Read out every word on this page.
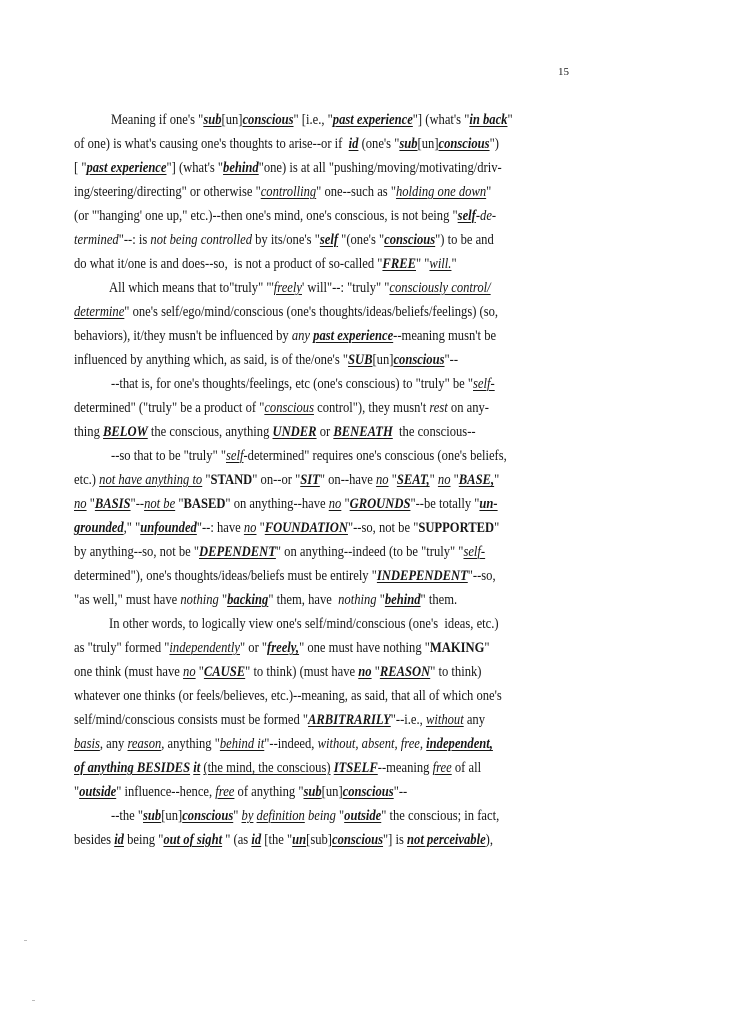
15
Meaning if one's "sub[un]conscious" [i.e., "past experience"] (what's "in back"
of one) is what's causing one's thoughts to arise--or if  id (one's "sub[un]conscious")
[ "past experience"] (what's "behind"one) is at all "pushing/moving/motivating/driv-
ing/steering/directing" or otherwise "controlling" one--such as "holding one down"
(or "'hanging' one up," etc.)--then one's mind, one's conscious, is not being "self-de-
termined"--: is not being controlled by its/one's "self "(one's "conscious") to be and
do what it/one is and does--so,  is not a product of so-called "FREE" "will."
All which means that to"truly" "'freely' will"--: "truly" "consciously control/
determine" one's self/ego/mind/conscious (one's thoughts/ideas/beliefs/feelings) (so,
behaviors), it/they musn't be influenced by any past experience--meaning musn't be
influenced by anything which, as said, is of the/one's "SUB[un]conscious"--
--that is, for one's thoughts/feelings, etc (one's conscious) to "truly" be "self-
determined" ("truly" be a product of "conscious control"), they musn't rest on any-
thing BELOW the conscious, anything UNDER or BENEATH  the conscious--
--so that to be "truly" "self-determined" requires one's conscious (one's beliefs,
etc.) not have anything to "STAND" on--or "SIT" on--have no "SEAT," no "BASE,"
no "BASIS"--not be "BASED" on anything--have no "GROUNDS"--be totally "un-
grounded," "unfounded"--: have no "FOUNDATION"--so, not be "SUPPORTED"
by anything--so, not be "DEPENDENT" on anything--indeed (to be "truly" "self-
determined"), one's thoughts/ideas/beliefs must be entirely "INDEPENDENT"--so,
"as well," must have nothing "backing" them, have  nothing "behind" them.
In other words, to logically view one's self/mind/conscious (one's  ideas, etc.)
as "truly" formed "independently" or "freely," one must have nothing "MAKING"
one think (must have no "CAUSE" to think) (must have no "REASON" to think)
whatever one thinks (or feels/believes, etc.)--meaning, as said, that all of which one's
self/mind/conscious consists must be formed "ARBITRARILY"--i.e., without any
basis, any reason, anything "behind it"--indeed, without, absent, free, independent,
of anything BESIDES it (the mind, the conscious) ITSELF--meaning free of all
"outside" influence--hence, free of anything "sub[un]conscious"--
--the "sub[un]conscious" by definition being "outside" the conscious; in fact,
besides id being "out of sight " (as id [the "un[sub]conscious"] is not perceivable),
